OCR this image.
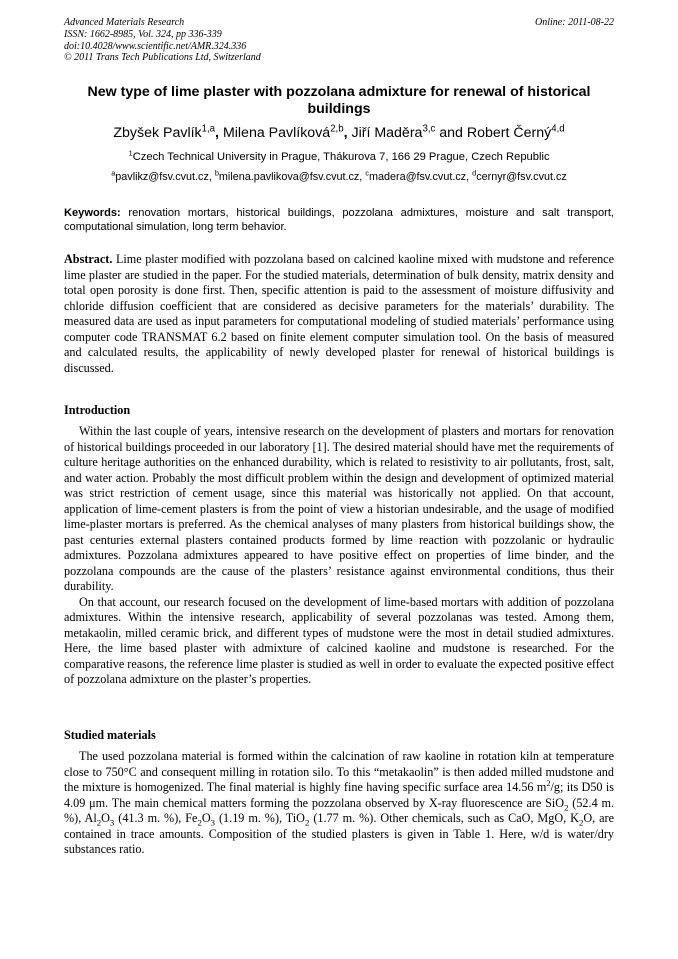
Advanced Materials Research
ISSN: 1662-8985, Vol. 324, pp 336-339
doi:10.4028/www.scientific.net/AMR.324.336
© 2011 Trans Tech Publications Ltd, Switzerland
Online: 2011-08-22
New type of lime plaster with pozzolana admixture for renewal of historical buildings
Zbyšek Pavlík$^{1,a}$, Milena Pavlíková$^{2,b}$, Jiří Maděra$^{3,c}$ and Robert Černý$^{4,d}$
$^1$Czech Technical University in Prague, Thákurova 7, 166 29 Prague, Czech Republic
$^a$pavlikz@fsv.cvut.cz, $^b$milena.pavlikova@fsv.cvut.cz, $^c$madera@fsv.cvut.cz, $^d$cernyr@fsv.cvut.cz
Keywords: renovation mortars, historical buildings, pozzolana admixtures, moisture and salt transport, computational simulation, long term behavior.
Abstract. Lime plaster modified with pozzolana based on calcined kaoline mixed with mudstone and reference lime plaster are studied in the paper. For the studied materials, determination of bulk density, matrix density and total open porosity is done first. Then, specific attention is paid to the assessment of moisture diffusivity and chloride diffusion coefficient that are considered as decisive parameters for the materials’ durability. The measured data are used as input parameters for computational modeling of studied materials’ performance using computer code TRANSMAT 6.2 based on finite element computer simulation tool. On the basis of measured and calculated results, the applicability of newly developed plaster for renewal of historical buildings is discussed.
Introduction

Within the last couple of years, intensive research on the development of plasters and mortars for renovation of historical buildings proceeded in our laboratory [1]. The desired material should have met the requirements of culture heritage authorities on the enhanced durability, which is related to resistivity to air pollutants, frost, salt, and water action. Probably the most difficult problem within the design and development of optimized material was strict restriction of cement usage, since this material was historically not applied. On that account, application of lime-cement plasters is from the point of view a historian undesirable, and the usage of modified lime-plaster mortars is preferred. As the chemical analyses of many plasters from historical buildings show, the past centuries external plasters contained products formed by lime reaction with pozzolanic or hydraulic admixtures. Pozzolana admixtures appeared to have positive effect on properties of lime binder, and the pozzolana compounds are the cause of the plasters’ resistance against environmental conditions, thus their durability.

On that account, our research focused on the development of lime-based mortars with addition of pozzolana admixtures. Within the intensive research, applicability of several pozzolanas was tested. Among them, metakaolin, milled ceramic brick, and different types of mudstone were the most in detail studied admixtures. Here, the lime based plaster with admixture of calcined kaoline and mudstone is researched. For the comparative reasons, the reference lime plaster is studied as well in order to evaluate the expected positive effect of pozzolana admixture on the plaster’s properties.

Studied materials

The used pozzolana material is formed within the calcination of raw kaoline in rotation kiln at temperature close to 750°C and consequent milling in rotation silo. To this “metakaolin” is then added milled mudstone and the mixture is homogenized. The final material is highly fine having specific surface area 14.56 $m^2/g$; its D50 is 4.09 μm. The main chemical matters forming the pozzolana observed by X-ray fluorescence are SiO$_2$ (52.4 m. %), $Al_2O_3$ (41.3 m. %), $Fe_2O_3$ (1.19 m. %), TiO$_2$ (1.77 m. %). Other chemicals, such as CaO, MgO, $K_2O$, are contained in trace amounts. Composition of the studied plasters is given in Table 1. Here, w/d is water/dry substances ratio.
